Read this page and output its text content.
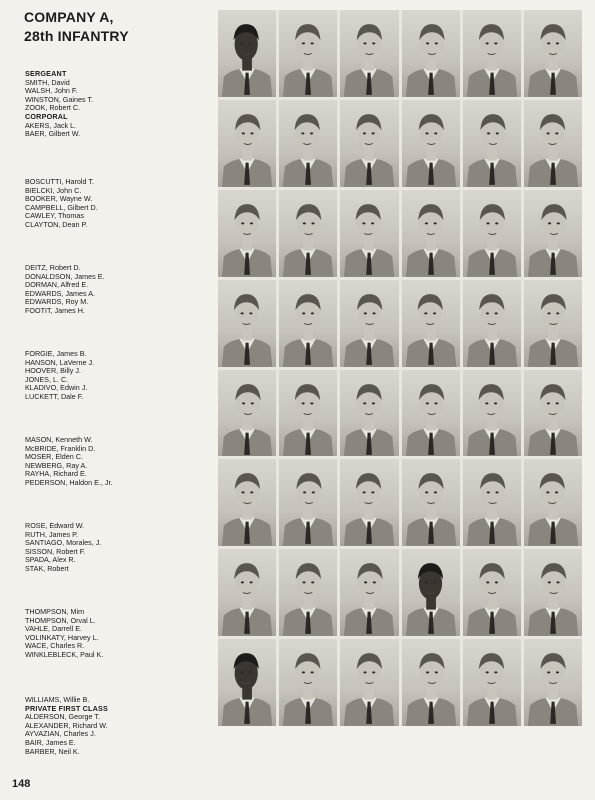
COMPANY A,
28th INFANTRY
SERGEANT
SMITH, David
WALSH, John F.
WINSTON, Gaines T.
ZOOK, Robert C.
CORPORAL
AKERS, Jack L.
BAER, Gilbert W.
BOSCUTTI, Harold T.
BIELCKI, John C.
BOOKER, Wayne W.
CAMPBELL, Gilbert D.
CAWLEY, Thomas
CLAYTON, Dean P.
DEITZ, Robert D.
DONALDSON, James E.
DORMAN, Alfred E.
EDWARDS, James A.
EDWARDS, Roy M.
FOOTIT, James H.
FORGIE, James B.
HANSON, LaVerne J.
HOOVER, Billy J.
JONES, L. C.
KLADIVO, Edwin J.
LUCKETT, Dale F.
MASON, Kenneth W.
McBRIDE, Franklin D.
MOSER, Elden C.
NEWBERG, Ray A.
RAYHA, Richard E.
PEDERSON, Haldon E., Jr.
ROSE, Edward W.
RUTH, James P.
SANTIAGO, Morales, J.
SISSON, Robert F.
SPADA, Alex R.
STAK, Robert
THOMPSON, Mim
THOMPSON, Orval L.
VAHLE, Darrell E.
VOLINKATY, Harvey L.
WACE, Charles R.
WINKLEBLECK, Paul K.
WILLIAMS, Willie B.
PRIVATE FIRST CLASS
ALDERSON, George T.
ALEXANDER, Richard W.
AYVAZIAN, Charles J.
BAIR, James E.
BARBER, Neil K.
148
